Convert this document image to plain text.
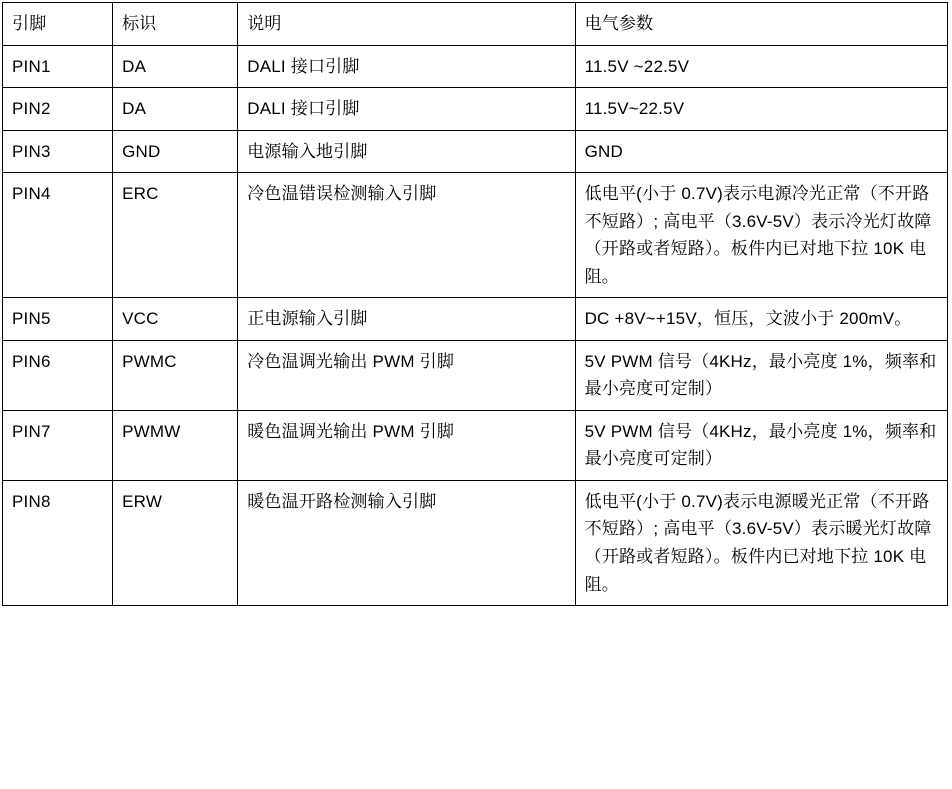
引脚	标识	说明	电气参数

PIN1	DA	DALI 接口引脚	11.5V ~22.5V

PIN2	DA	DALI 接口引脚	11.5V~22.5V

PIN3	GND	电源输入地引脚	GND

PIN4	ERC	冷色温错误检测输入引脚	低电平(小于 0.7V)表示电源冷光正常（不开路不短路）; 高电平（3.6V-5V）表示冷光灯故障（开路或者短路）。板件内已对地下拉 10K 电阻。

PIN5	VCC	正电源输入引脚	DC +8V~+15V，恒压，文波小于 200mV。

PIN6	PWMC	冷色温调光输出 PWM 引脚	5V PWM 信号（4KHz，最小亮度 1%，频率和最小亮度可定制）

PIN7	PWMW	暖色温调光输出 PWM 引脚	5V PWM 信号（4KHz，最小亮度 1%，频率和最小亮度可定制）

PIN8	ERW	暖色温开路检测输入引脚	低电平(小于 0.7V)表示电源暖光正常（不开路不短路）; 高电平（3.6V-5V）表示暖光灯故障（开路或者短路）。板件内已对地下拉 10K 电阻。
